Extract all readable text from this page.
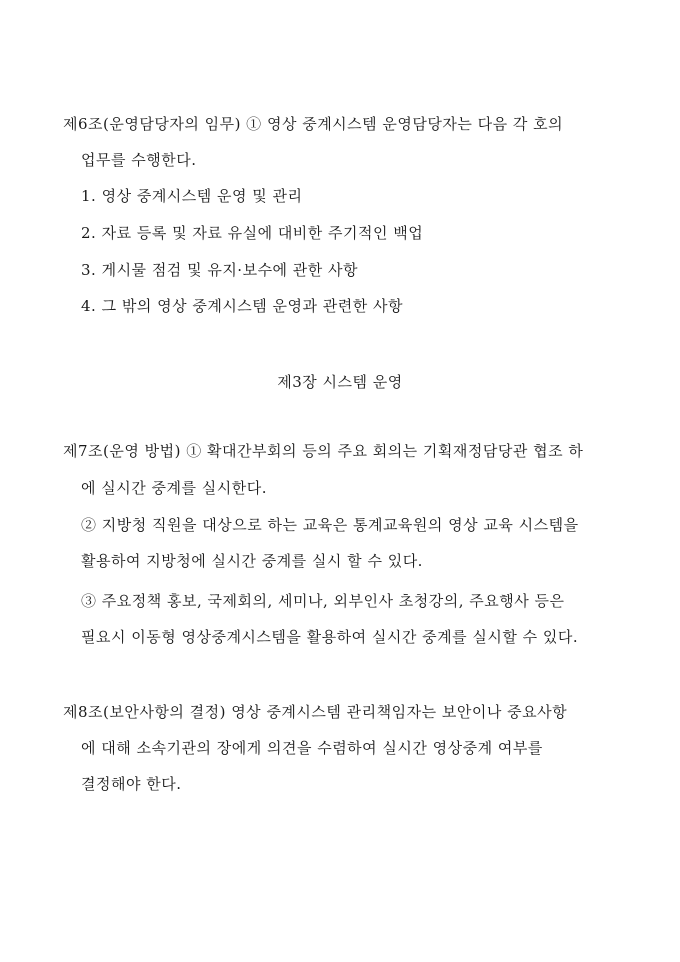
제6조(운영담당자의 임무) ① 영상 중계시스템 운영담당자는 다음 각 호의
업무를 수행한다.
1. 영상 중계시스템 운영 및 관리
2. 자료 등록 및 자료 유실에 대비한 주기적인 백업
3. 게시물 점검 및 유지·보수에 관한 사항
4. 그 밖의 영상 중계시스템 운영과 관련한 사항
제3장 시스템 운영
제7조(운영 방법) ① 확대간부회의 등의 주요 회의는 기획재정담당관 협조 하
에 실시간 중계를 실시한다.
② 지방청 직원을 대상으로 하는 교육은 통계교육원의 영상 교육 시스템을
활용하여 지방청에 실시간 중계를 실시 할 수 있다.
③ 주요정책 홍보, 국제회의, 세미나, 외부인사 초청강의, 주요행사 등은
필요시 이동형 영상중계시스템을 활용하여 실시간 중계를 실시할 수 있다.
제8조(보안사항의 결정) 영상 중계시스템 관리책임자는 보안이나 중요사항
에 대해 소속기관의 장에게 의견을 수렴하여 실시간 영상중계 여부를
결정해야 한다.
